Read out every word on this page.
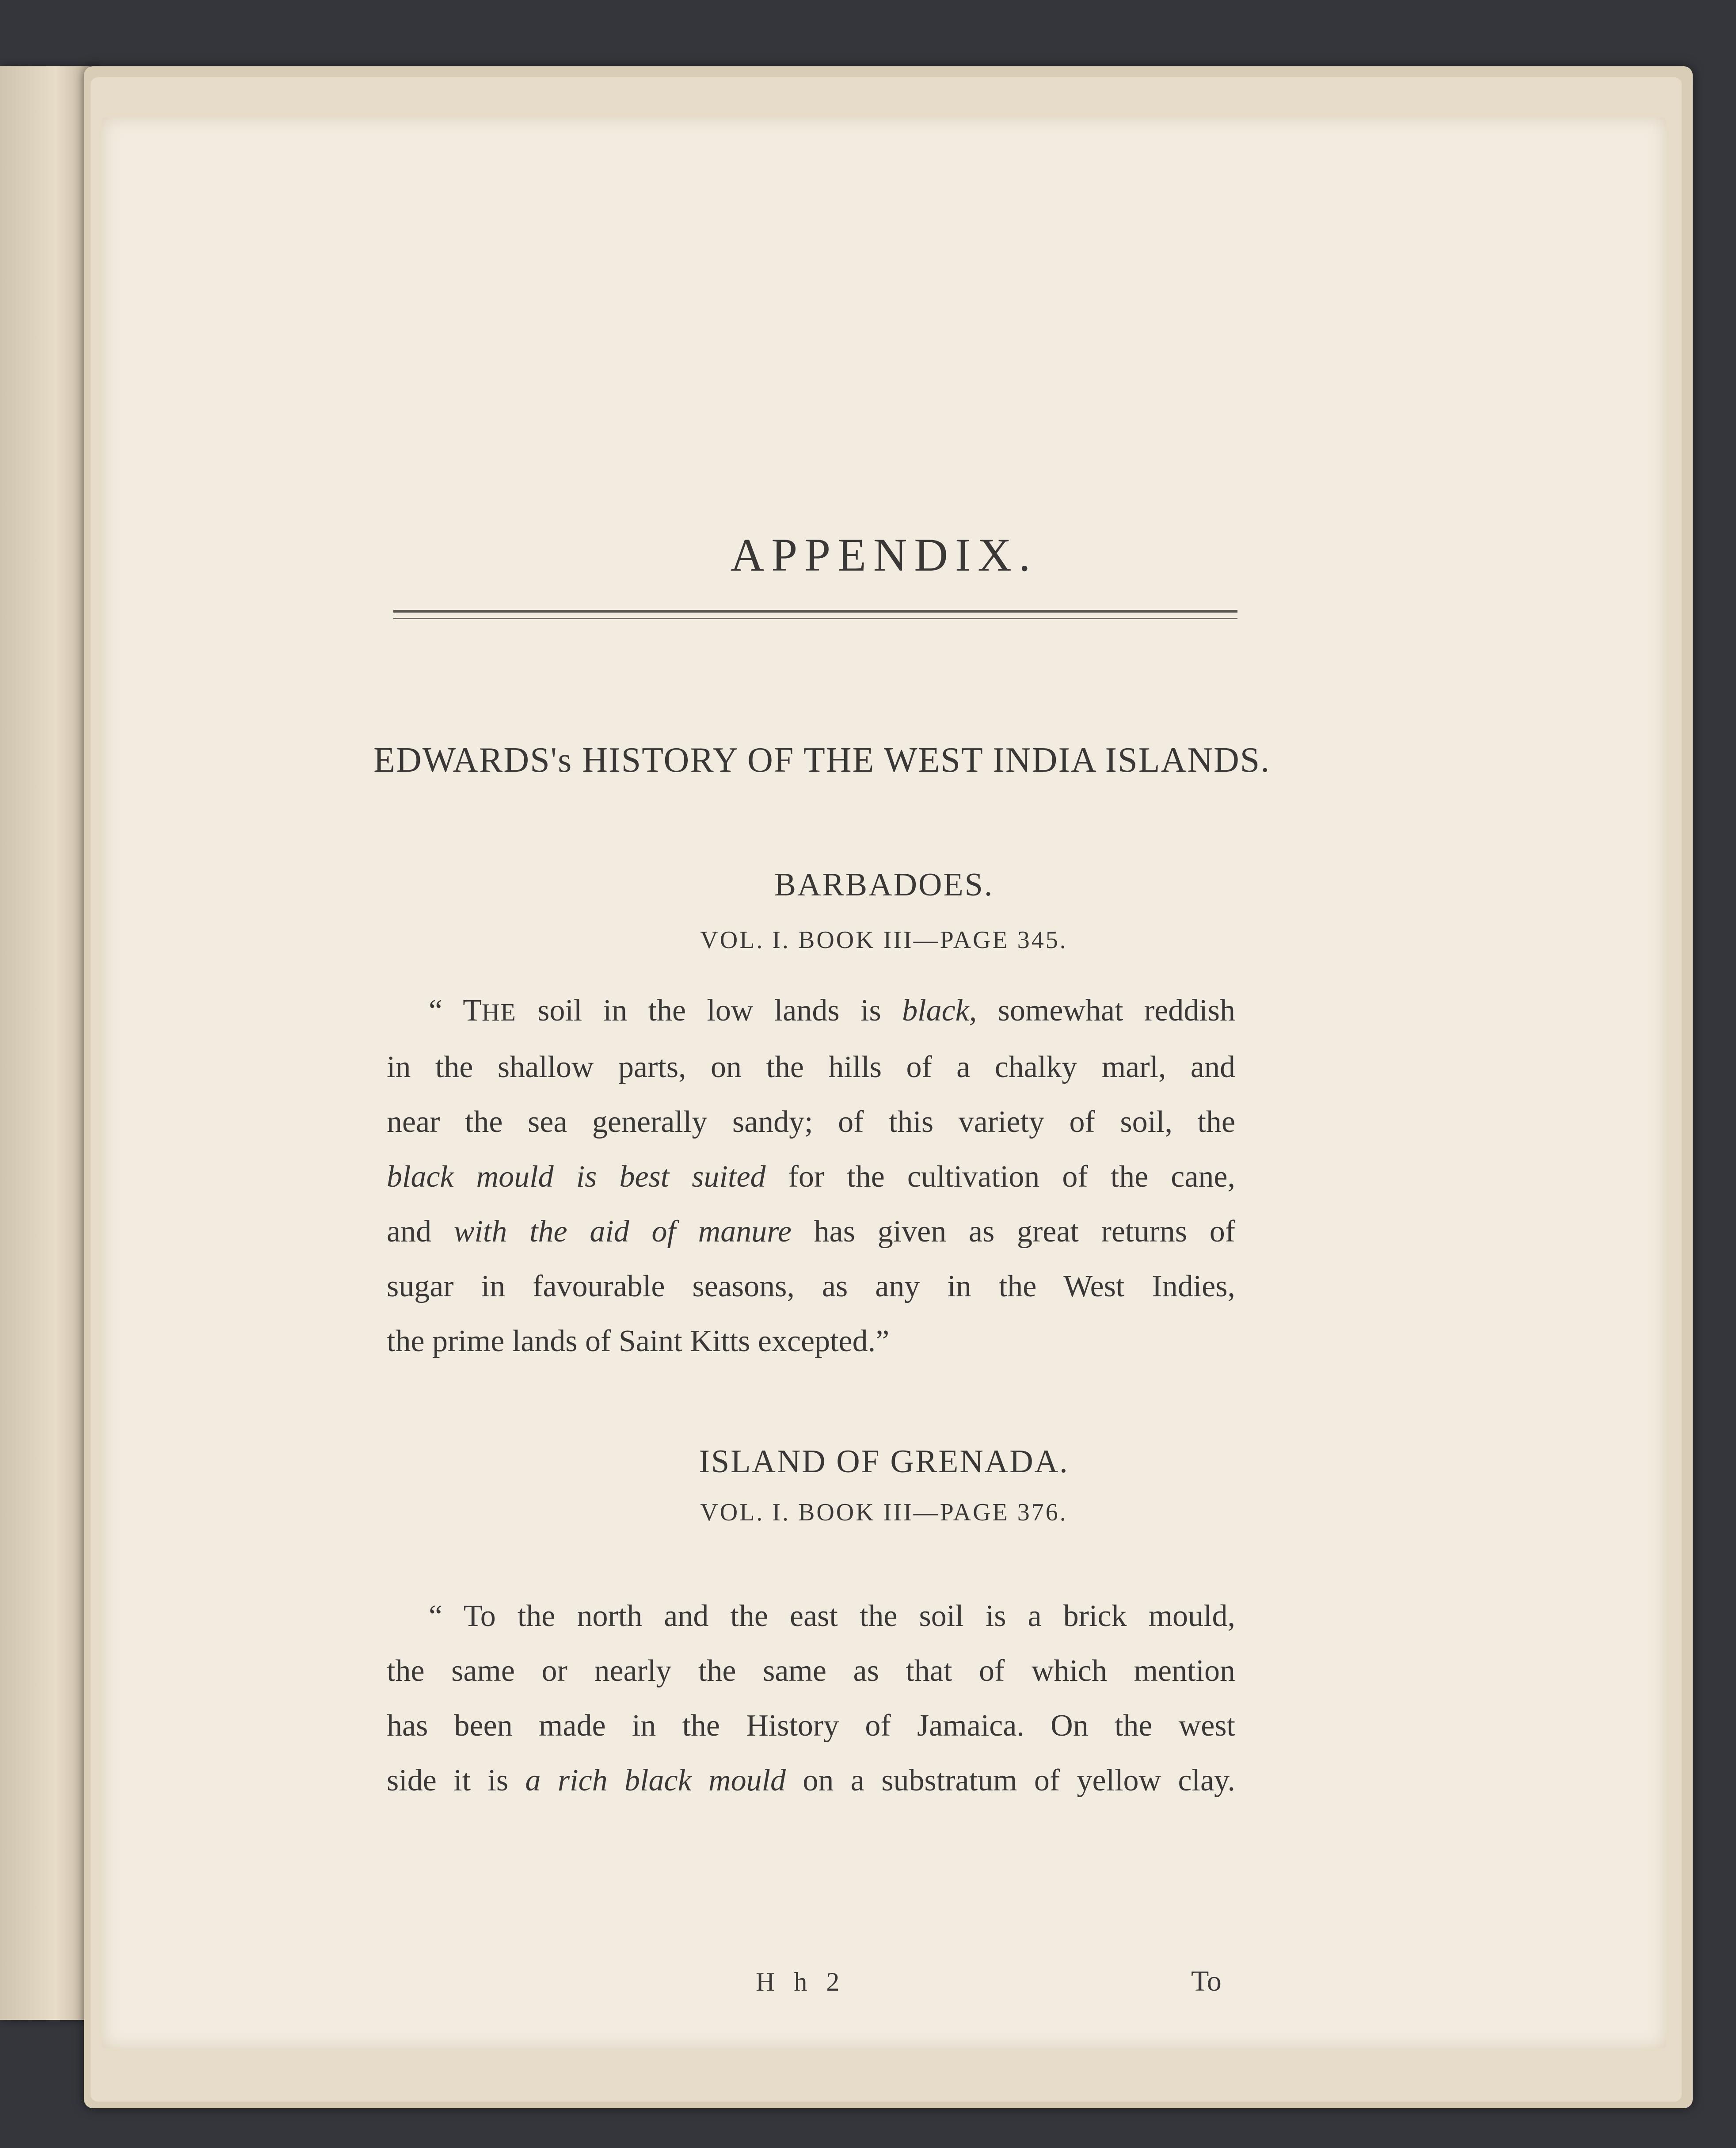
APPENDIX.
EDWARDS's HISTORY OF THE WEST INDIA ISLANDS.
BARBADOES.
VOL. I. BOOK III—PAGE 345.
“ THE soil in the low lands is black, somewhat reddish
in the shallow parts, on the hills of a chalky marl, and
near the sea generally sandy; of this variety of soil, the
black mould is best suited for the cultivation of the cane,
and with the aid of manure has given as great returns of
sugar in favourable seasons, as any in the West Indies,
the prime lands of Saint Kitts excepted.”
ISLAND OF GRENADA.
VOL. I. BOOK III—PAGE 376.
“ To the north and the east the soil is a brick mould,
the same or nearly the same as that of which mention
has been made in the History of Jamaica. On the west
side it is a rich black mould on a substratum of yellow clay.
H h 2	To
